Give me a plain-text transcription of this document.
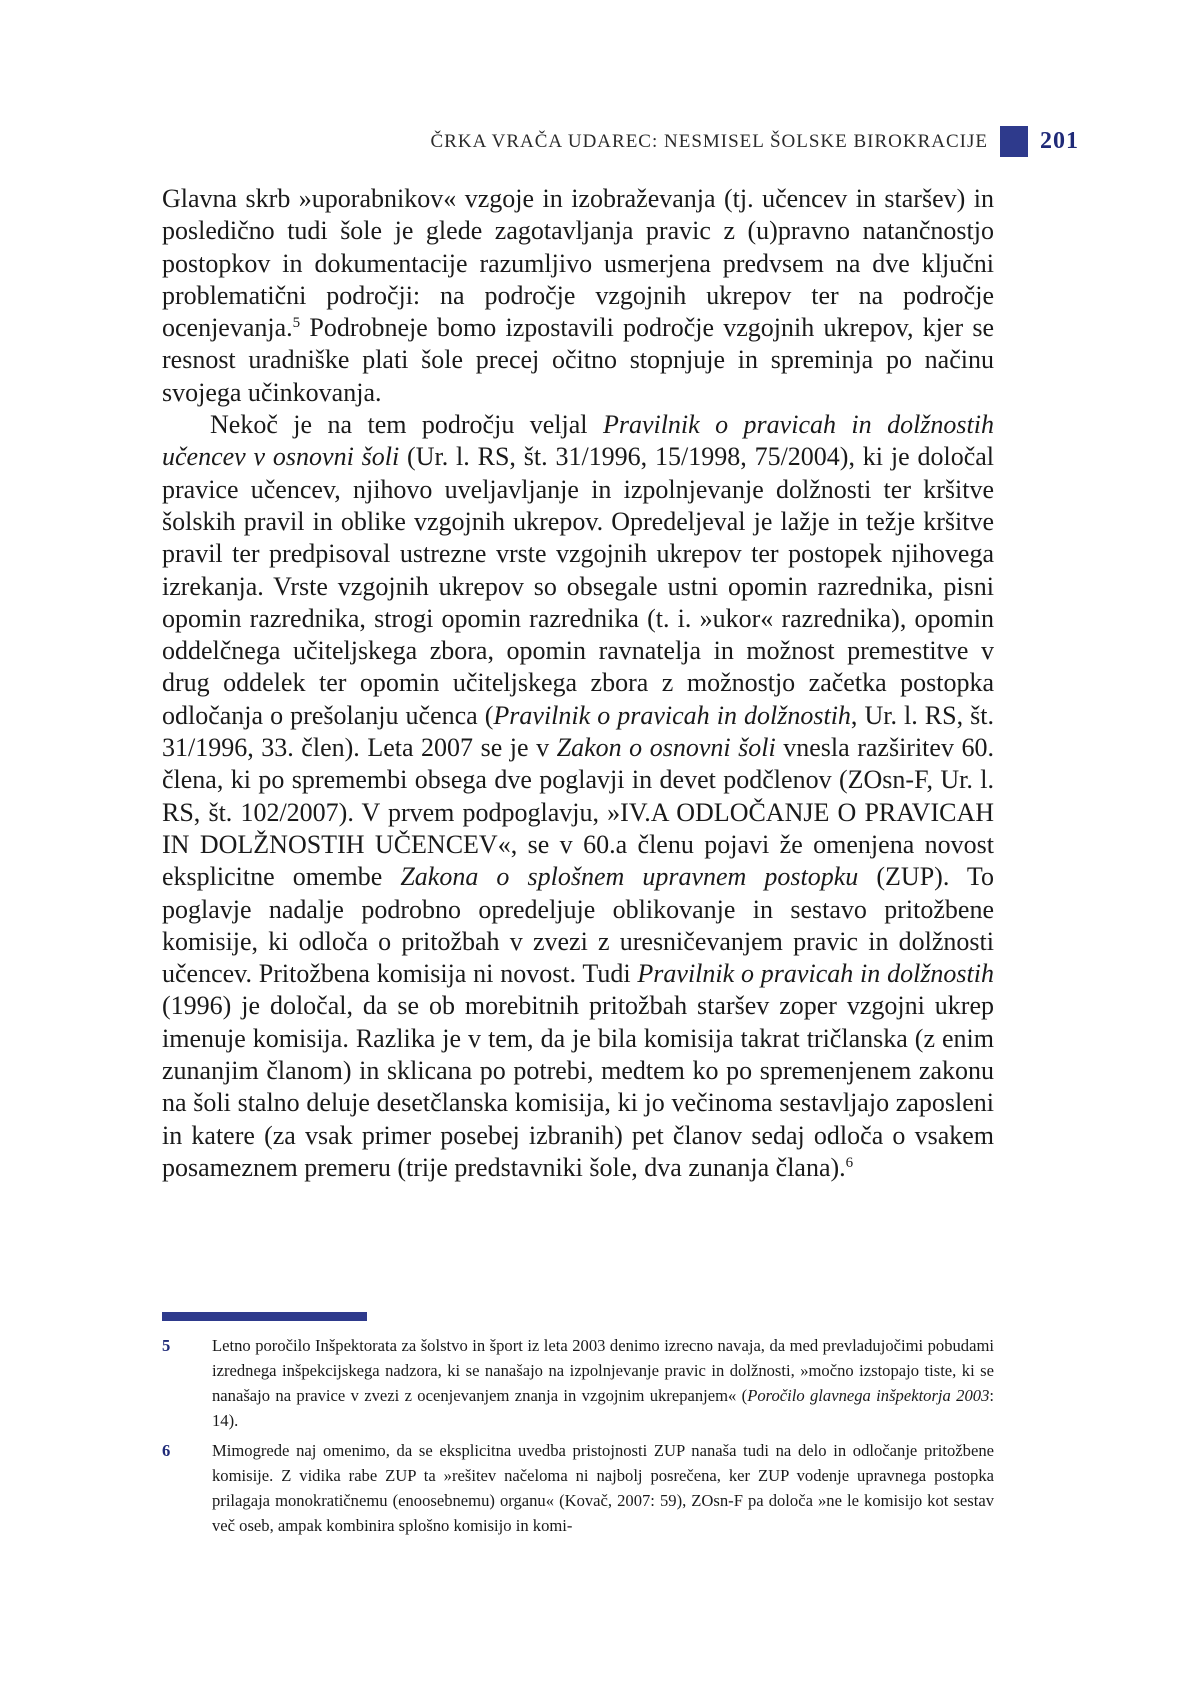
ČRKA VRAČA UDAREC: NESMISEL ŠOLSKE BIROKRACIJE 201

Glavna skrb »uporabnikov« vzgoje in izobraževanja (tj. učencev in staršev) in posledično tudi šole je glede zagotavljanja pravic z (u)pravno natančnostjo postopkov in dokumentacije razumljivo usmerjena predvsem na dve ključni problematični področji: na področje vzgojnih ukrepov ter na področje ocenjevanja.$^5$ Podrobneje bomo izpostavili področje vzgojnih ukrepov, kjer se resnost uradniške plati šole precej očitno stopnjuje in spreminja po načinu svojega učinkovanja.

Nekoč je na tem področju veljal Pravilnik o pravicah in dolžnostih učencev v osnovni šoli (Ur. l. RS, št. 31/1996, 15/1998, 75/2004), ki je določal pravice učencev, njihovo uveljavljanje in izpolnjevanje dolžnosti ter kršitve šolskih pravil in oblike vzgojnih ukrepov. Opredeljeval je lažje in težje kršitve pravil ter predpisoval ustrezne vrste vzgojnih ukrepov ter postopek njihovega izrekanja. Vrste vzgojnih ukrepov so obsegale ustni opomin razrednika, pisni opomin razrednika, strogi opomin razrednika (t. i. »ukor« razrednika), opomin oddelčnega učiteljskega zbora, opomin ravnatelja in možnost premestitve v drug oddelek ter opomin učiteljskega zbora z možnostjo začetka postopka odločanja o prešolanju učenca (Pravilnik o pravicah in dolžnostih, Ur. l. RS, št. 31/1996, 33. člen). Leta 2007 se je v Zakon o osnovni šoli vnesla razširitev 60. člena, ki po spremembi obsega dve poglavji in devet podčlenov (ZOsn-F, Ur. l. RS, št. 102/2007). V prvem podpoglavju, »IV.A ODLOČANJE O PRAVICAH IN DOLŽNOSTIH UČENCEV«, se v 60.a členu pojavi že omenjena novost eksplicitne omembe Zakona o splošnem upravnem postopku (ZUP). To poglavje nadalje podrobno opredeljuje oblikovanje in sestavo pritožbene komisije, ki odloča o pritožbah v zvezi z uresničevanjem pravic in dolžnosti učencev. Pritožbena komisija ni novost. Tudi Pravilnik o pravicah in dolžnostih (1996) je določal, da se ob morebitnih pritožbah staršev zoper vzgojni ukrep imenuje komisija. Razlika je v tem, da je bila komisija takrat tričlanska (z enim zunanjim članom) in sklicana po potrebi, medtem ko po spremenjenem zakonu na šoli stalno deluje desetčlanska komisija, ki jo večinoma sestavljajo zaposleni in katere (za vsak primer posebej izbranih) pet članov sedaj odloča o vsakem posameznem premeru (trije predstavniki šole, dva zunanja člana).$^6$

5	Letno poročilo Inšpektorata za šolstvo in šport iz leta 2003 denimo izrecno navaja, da med prevladujočimi pobudami izrednega inšpekcijskega nadzora, ki se nanašajo na izpolnjevanje pravic in dolžnosti, »močno izstopajo tiste, ki se nanašajo na pravice v zvezi z ocenjevanjem znanja in vzgojnim ukrepanjem« (Poročilo glavnega inšpektorja 2003: 14).
6	Mimogrede naj omenimo, da se eksplicitna uvedba pristojnosti ZUP nanaša tudi na delo in odločanje pritožbene komisije. Z vidika rabe ZUP ta »rešitev načeloma ni najbolj posrečena, ker ZUP vodenje upravnega postopka prilagaja monokratičnemu (enoosebnemu) organu« (Kovač, 2007: 59), ZOsn-F pa določa »ne le komisijo kot sestav več oseb, ampak kombinira splošno komisijo in komi-
